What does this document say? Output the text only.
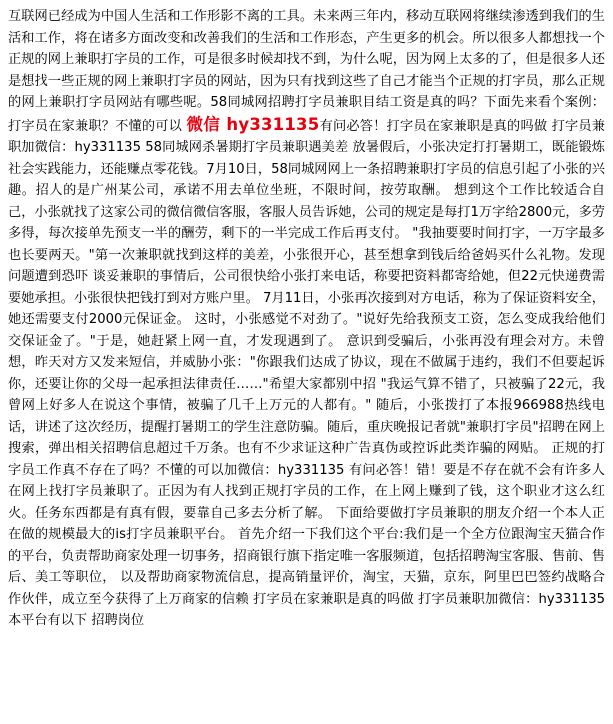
互联网已经成为中国人生活和工作形影不离的工具。未来两三年内，移动互联网将继续渗透到我们的生活和工作，将在诸多方面改变和改善我们的生活和工作形态，产生更多的机会。所以很多人都想找一个正规的网上兼职打字员的工作，可是很多时候却找不到，为什么呢，因为网上太多的了，但是很多人还是想找一些正规的网上兼职打字员的网站，因为只有找到这些了自己才能当个正规的打字员，那么正规的网上兼职打字员网站有哪些呢。58同城网招聘打字员兼职目结工资是真的吗？下面先来看个案例：打字员在家兼职？不懂的可以 微信 hy331135有问必答！打字员在家兼职是真的吗做 打字员兼职加微信：hy331135 58同城网杀暑期打字员兼职遇美差 放暑假后，小张决定打打暑期工，既能锻炼社会实践能力，还能赚点零花钱。7月10日，58同城网网上一条招聘兼职打字员的信息引起了小张的兴趣。招人的是广州某公司，承诺不用去单位坐班，不限时间，按劳取酬。 想到这个工作比较适合自己，小张就找了这家公司的微信微信客服，客服人员告诉她，公司的规定是每打1万字给2800元，多劳多得，每次接单先预支一半的酬劳，剩下的一半完成工作后再支付。 "我抽要要时间打字，一万字最多也长要两天。"第一次兼职就找到这样的美差，小张很开心，甚至想拿到钱后给爸妈买什么礼物。发现问题遭到恐吓 谈妥兼职的事情后，公司很快给小张打来电话，称要把资料都寄给她，但22元快递费需要她承担。小张很快把钱打到对方账户里。 7月11日，小张再次接到对方电话，称为了保证资料安全，她还需要支付2000元保证金。 这时，小张感觉不对劲了。"说好先给我预支工资，怎么变成我给他们交保证金了。"于是，她赶紧上网一直，才发现遇到了。 意识到受骗后，小张再没有理会对方。未曾想，昨天对方又发来短信，并威胁小张："你跟我们达成了协议，现在不做属于违约，我们不但要起诉你，还要让你的父母一起承担法律责任……"希望大家都别中招 "我运气算不错了，只被骗了22元，我曾网上好多人在说这个事情，被骗了几千上万元的人都有。" 随后，小张拨打了本报966988热线电话，讲述了这次经历，提醒打暑期工的学生注意防骗。随后，重庆晚报记者就"兼职打字员"招聘在网上搜索，弹出相关招聘信息超过千万条。也有不少求证这种广告真伪或控诉此类诈骗的网贴。 正规的打字员工作真不存在了吗？不懂的可以加微信：hy331135 有问必答！错！要是不存在就不会有许多人在网上找打字员兼职了。正因为有人找到正规打字员的工作，在上网上赚到了钱，这个职业才这么红火。任务东西都是有真有假，要靠自己多去分析了解。 下面给要做打字员兼职的朋友介绍一个本人正在做的规模最大的is打字员兼职平台。 首先介绍一下我们这个平台:我们是一个全方位跟淘宝天猫合作的平台，负责帮助商家处理一切事务，招商银行旗下指定唯一客服频道，包括招聘淘宝客服、售前、售后、美工等职位， 以及帮助商家物流信息，提高销量评价，淘宝，天猫，京东，阿里巴巴签约战略合作伙伴，成立至今获得了上万商家的信赖 打字员在家兼职是真的吗做 打字员兼职加微信：hy331135 本平台有以下 招聘岗位
